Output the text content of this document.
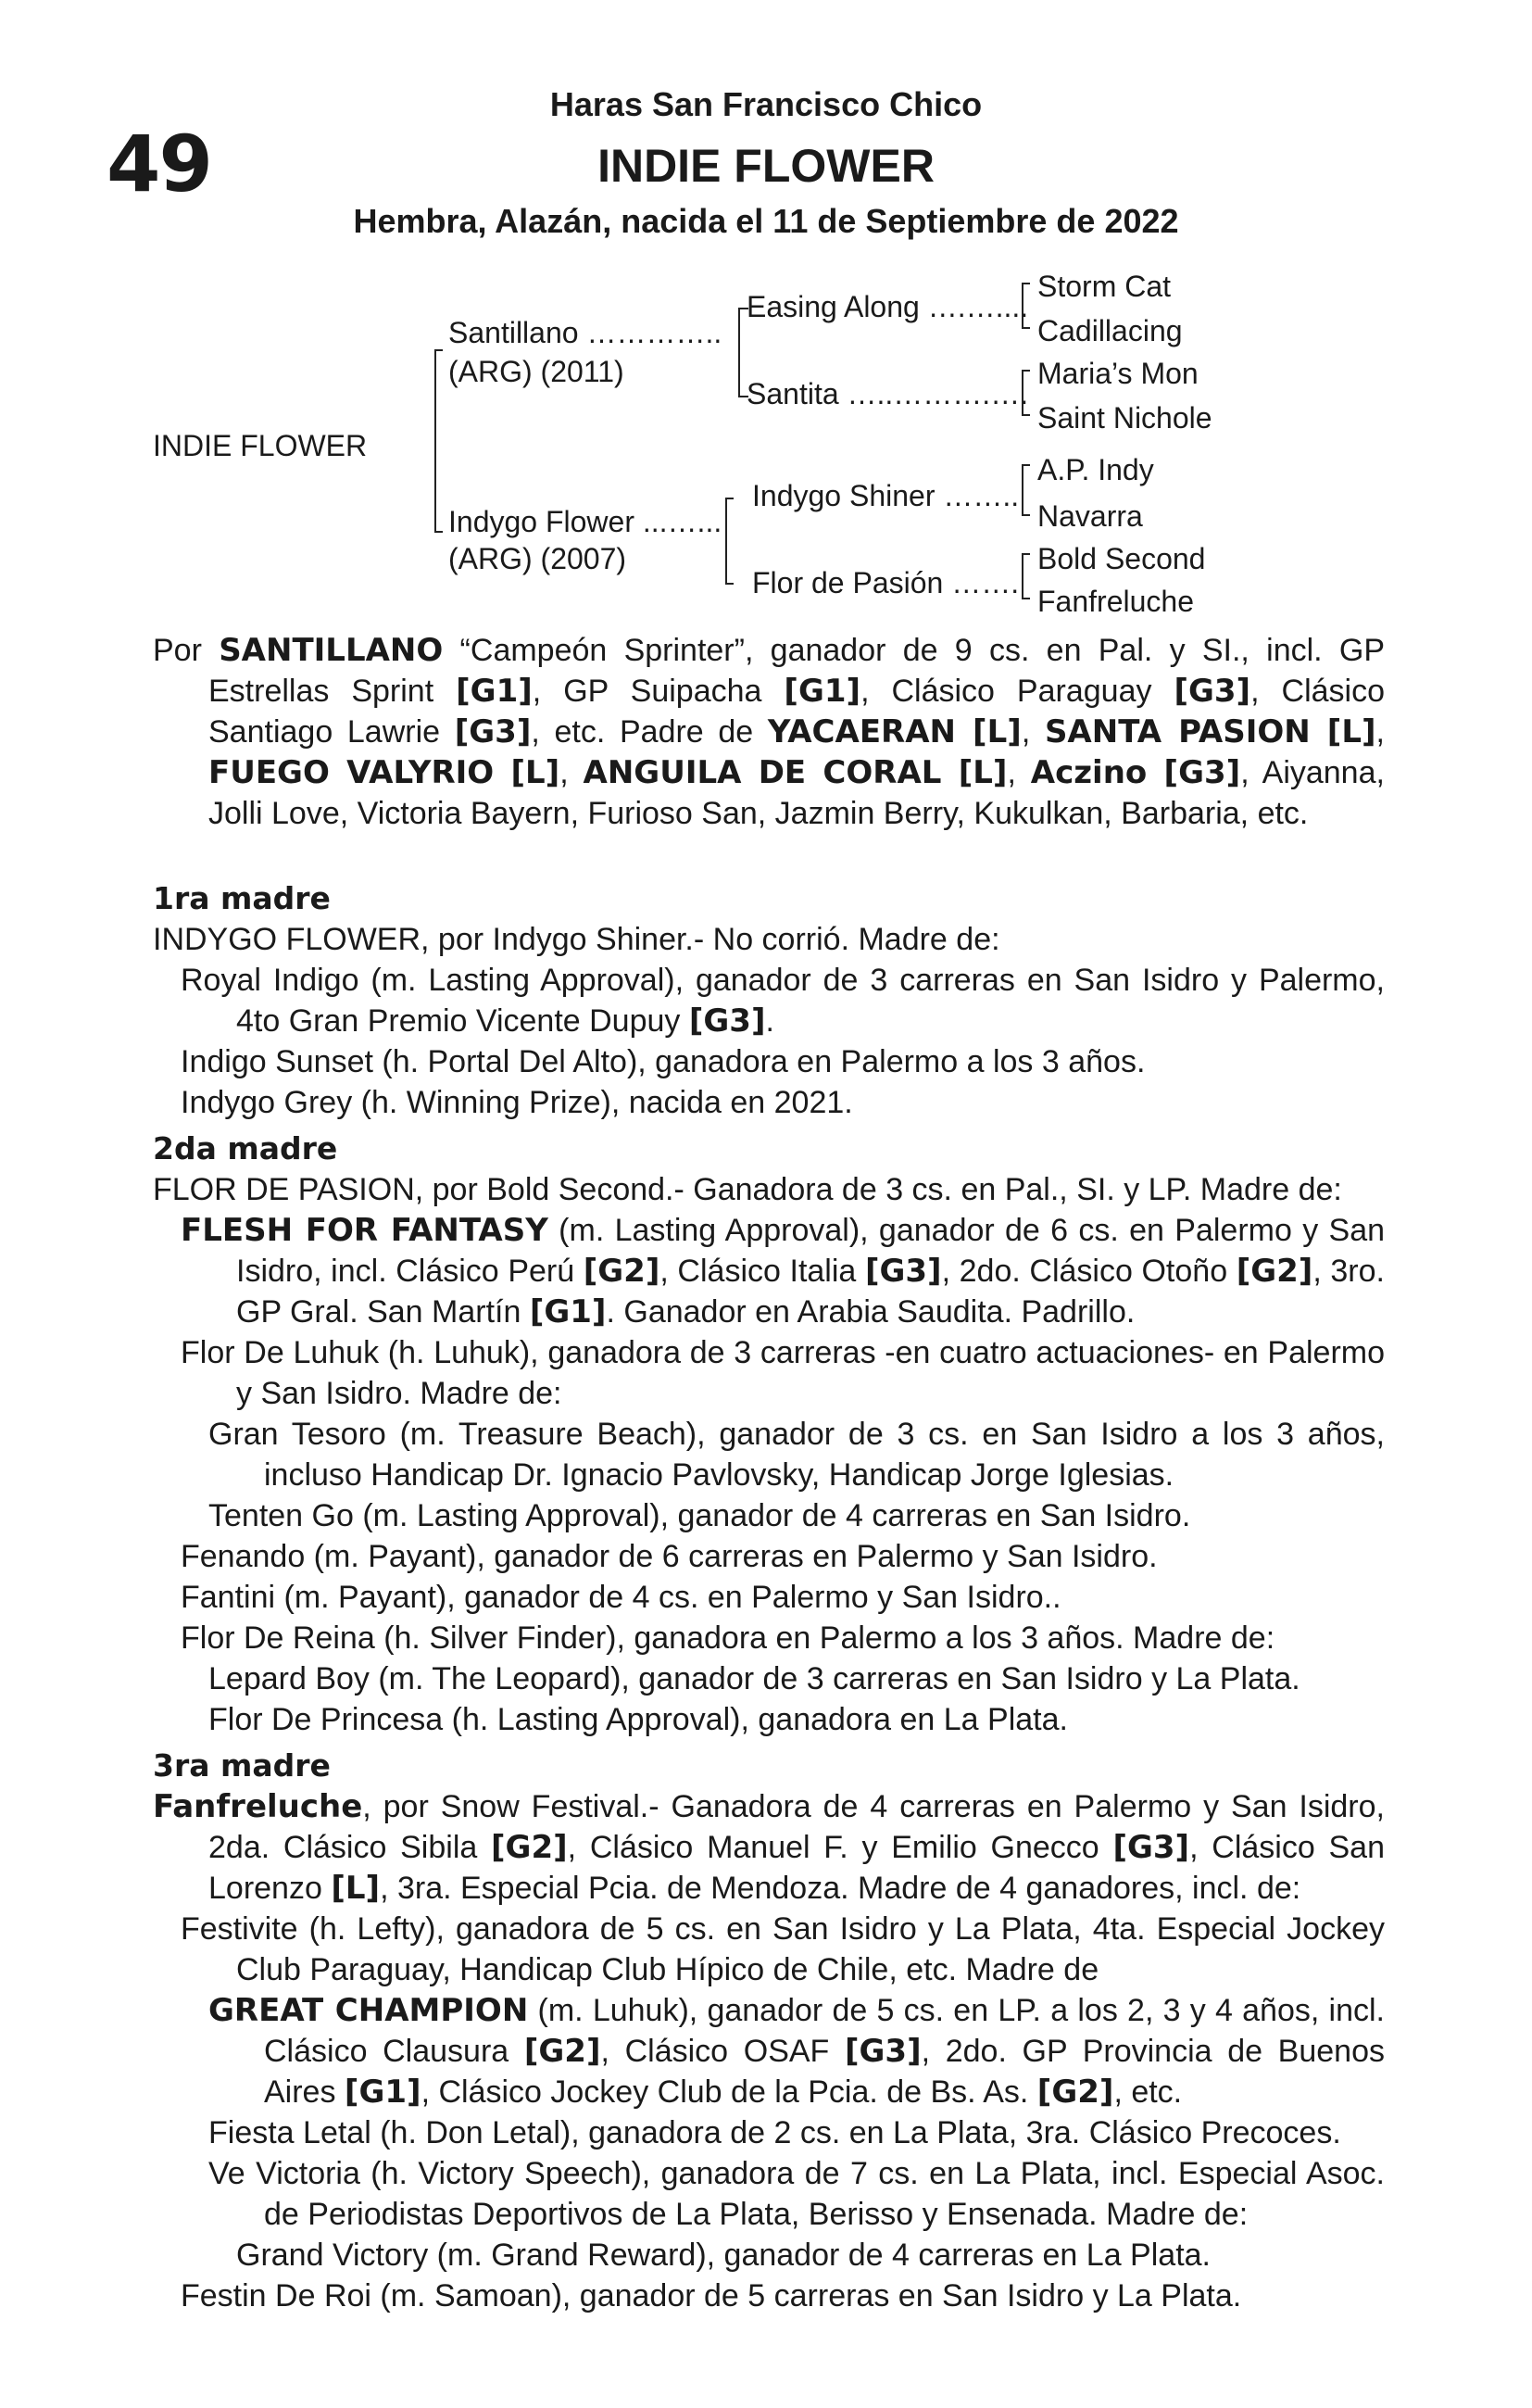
49
Haras San Francisco Chico
INDIE FLOWER
Hembra, Alazán, nacida el 11 de Septiembre de 2022
INDIE FLOWER
Santillano …………..
(ARG) (2011)
Indygo Flower ...…...
(ARG) (2007)
Easing Along ….…....
Santita …..……….….
Indygo Shiner ……..
Flor de Pasión …….
Storm Cat
Cadillacing
Maria’s Mon
Saint Nichole
A.P. Indy
Navarra
Bold Second
Fanfreluche

Por SANTILLANO “Campeón Sprinter”, ganador de 9 cs. en Pal. y SI., incl. GP Estrellas Sprint [G1], GP Suipacha [G1], Clásico Paraguay [G3], Clásico Santiago Lawrie [G3], etc. Padre de YACAERAN [L], SANTA PASION [L], FUEGO VALYRIO [L], ANGUILA DE CORAL [L], Aczino [G3], Aiyanna, Jolli Love, Victoria Bayern, Furioso San, Jazmin Berry, Kukulkan, Barbaria, etc.

1ra madre

INDYGO FLOWER, por Indygo Shiner.- No corrió. Madre de:

Royal Indigo (m. Lasting Approval), ganador de 3 carreras en San Isidro y Palermo, 4to Gran Premio Vicente Dupuy [G3].

Indigo Sunset (h. Portal Del Alto), ganadora en Palermo a los 3 años.

Indygo Grey (h. Winning Prize), nacida en 2021.

2da madre

FLOR DE PASION, por Bold Second.- Ganadora de 3 cs. en Pal., SI. y LP. Madre de:

FLESH FOR FANTASY (m. Lasting Approval), ganador de 6 cs. en Palermo y San Isidro, incl. Clásico Perú [G2], Clásico Italia [G3], 2do. Clásico Otoño [G2], 3ro. GP Gral. San Martín [G1]. Ganador en Arabia Saudita. Padrillo.

Flor De Luhuk (h. Luhuk), ganadora de 3 carreras -en cuatro actuaciones- en Palermo y San Isidro. Madre de:

Gran Tesoro (m. Treasure Beach), ganador de 3 cs. en San Isidro a los 3 años, incluso Handicap Dr. Ignacio Pavlovsky, Handicap Jorge Iglesias.

Tenten Go (m. Lasting Approval), ganador de 4 carreras en San Isidro.

Fenando (m. Payant), ganador de 6 carreras en Palermo y San Isidro.

Fantini (m. Payant), ganador de 4 cs. en Palermo y San Isidro..

Flor De Reina (h. Silver Finder), ganadora en Palermo a los 3 años. Madre de:

Lepard Boy (m. The Leopard), ganador de 3 carreras en San Isidro y La Plata.

Flor De Princesa (h. Lasting Approval), ganadora en La Plata.

3ra madre

Fanfreluche, por Snow Festival.- Ganadora de 4 carreras en Palermo y San Isidro, 2da. Clásico Sibila [G2], Clásico Manuel F. y Emilio Gnecco [G3], Clásico San Lorenzo [L], 3ra. Especial Pcia. de Mendoza. Madre de 4 ganadores, incl. de:

Festivite (h. Lefty), ganadora de 5 cs. en San Isidro y La Plata, 4ta. Especial Jockey Club Paraguay, Handicap Club Hípico de Chile, etc. Madre de

GREAT CHAMPION (m. Luhuk), ganador de 5 cs. en LP. a los 2, 3 y 4 años, incl. Clásico Clausura [G2], Clásico OSAF [G3], 2do. GP Provincia de Buenos Aires [G1], Clásico Jockey Club de la Pcia. de Bs. As. [G2], etc.

Fiesta Letal (h. Don Letal), ganadora de 2 cs. en La Plata, 3ra. Clásico Precoces.

Ve Victoria (h. Victory Speech), ganadora de 7 cs. en La Plata, incl. Especial Asoc. de Periodistas Deportivos de La Plata, Berisso y Ensenada. Madre de:

Grand Victory (m. Grand Reward), ganador de 4 carreras en La Plata.

Festin De Roi (m. Samoan), ganador de 5 carreras en San Isidro y La Plata.
